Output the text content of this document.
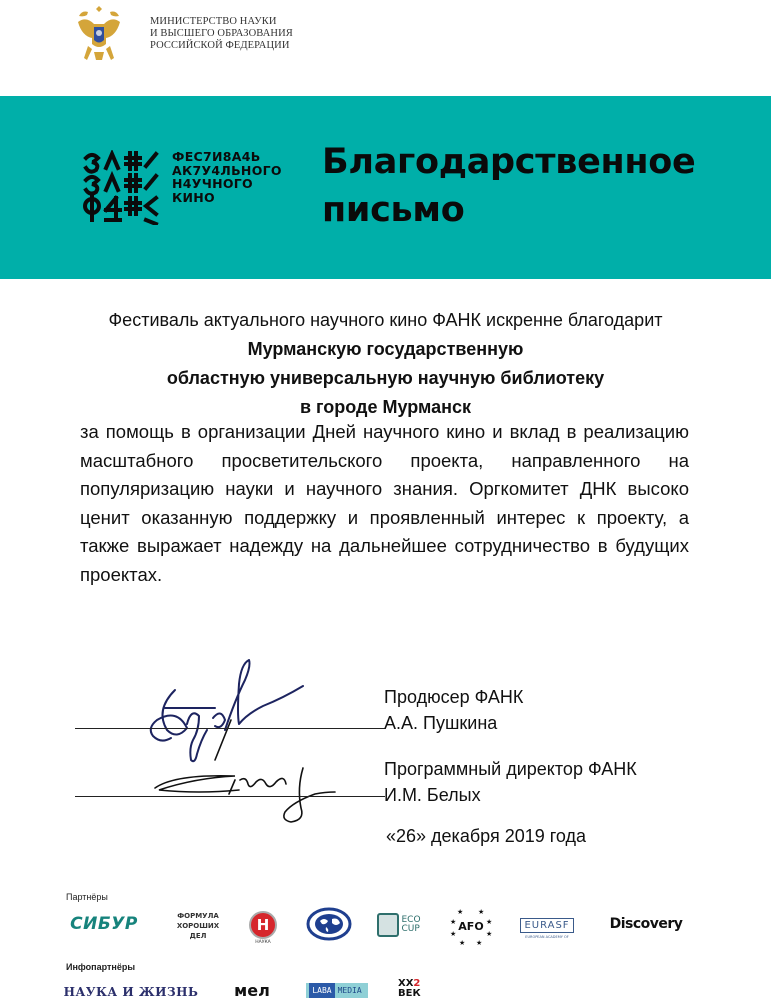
МИНИСТЕРСТВО НАУКИ
И ВЫСШЕГО ОБРАЗОВАНИЯ
РОССИЙСКОЙ ФЕДЕРАЦИИ
ФЕС7И8А4Ь
АК7У4ЛЬНОГО
Н4УЧНОГО
КИНО
Благодарственное
письмо
Фестиваль актуального научного кино ФАНК искренне благодарит
Мурманскую государственную
областную универсальную научную библиотеку
в городе Мурманск
за помощь в организации Дней научного кино и вклад в реализацию масштабного просветительского проекта, направленного на популяризацию науки и научного знания. Оргкомитет ДНК высоко ценит оказанную поддержку и проявленный интерес к проекту, а также выражает надежду на дальнейшее сотрудничество в будущих проектах.
Продюсер ФАНК
А.А. Пушкина
Программный директор ФАНК
И.М. Белых
«26» декабря 2019 года
Партнёры
СИБУР	ФОРМУЛА
ХОРОШИХ
ДЕЛ
H
НАУКА
ECO
CUP
★ ★
★	★
★	★
★ ★
AFO	EURASF
EUROPEAN ACADEMY OF
Discovery
Инфопартнёры
НАУКА И ЖИЗНЬ мел	LABA MEDIA
XX2
ВЕК
